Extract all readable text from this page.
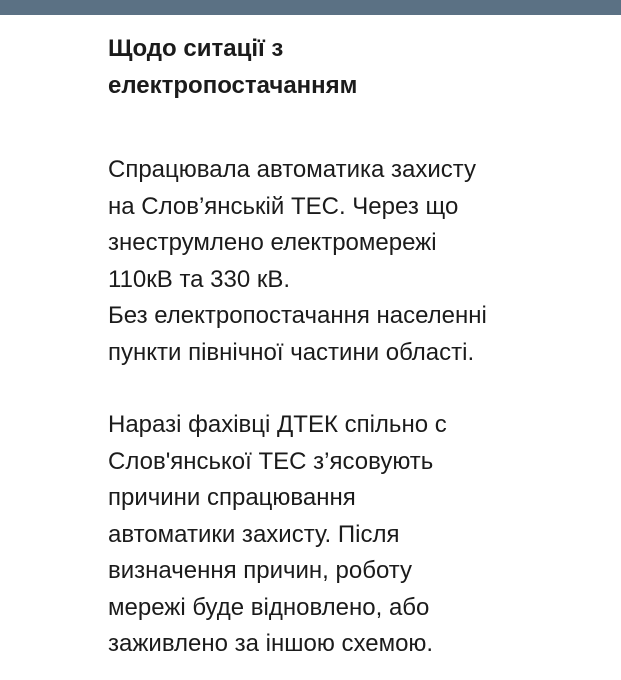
Щодо ситації з
електропостачанням
Спрацювала автоматика захисту
на Слов’янській ТЕС. Через що
знеструмлено електромережі
110кВ та 330 кВ.
Без електропостачання населенні
пункти північної частини області.
Наразі фахівці ДТЕК спільно с
Слов'янської ТЕС з’ясовують
причини спрацювання
автоматики захисту. Після
визначення причин, роботу
мережі буде відновлено, або
заживлено за іншою схемою.
